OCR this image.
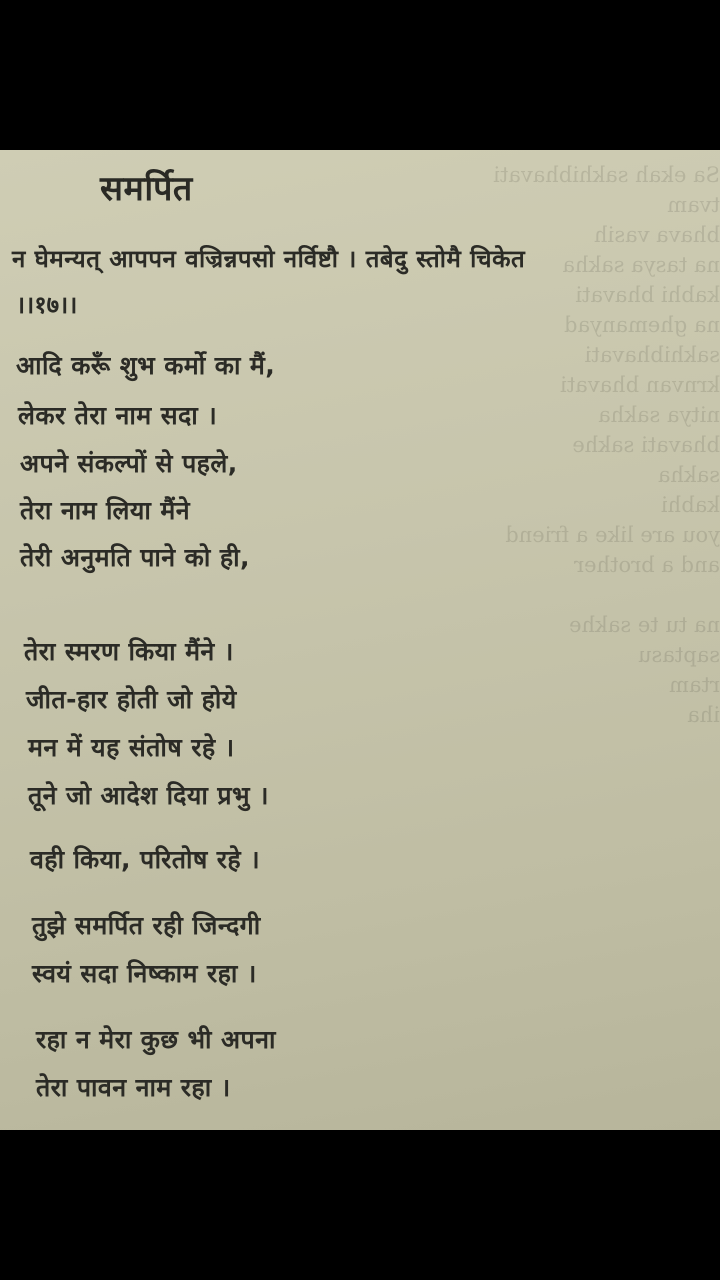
Sa ekah sakhibhavati
tvam
bhava vasih
na tasya sakha
kabhi bhavati
na ghemanyad
sakhibhavati
krnvan bhavati
nitya sakha
bhavati sakhe
sakha
kabhi
you are like a friend
and a brother

na tu te sakhe
saptasu
rtam
iha
समर्पित
न घेमन्यत् आपपन वज्रिन्नपसो नर्विष्टौ । तबेदु स्तोमै चिकेत
।।१७।।
आदि करूँ शुभ कर्मो का मैं,
लेकर तेरा नाम सदा ।
अपने संकल्पों से पहले,
तेरा नाम लिया मैंने
तेरी अनुमति पाने को ही,
तेरा स्मरण किया मैंने ।
जीत-हार होती जो होये
मन में यह संतोष रहे ।
तूने जो आदेश दिया प्रभु ।
वही किया, परितोष रहे ।
तुझे समर्पित रही जिन्दगी
स्वयं सदा निष्काम रहा ।
रहा न मेरा कुछ भी अपना
तेरा पावन नाम रहा ।
